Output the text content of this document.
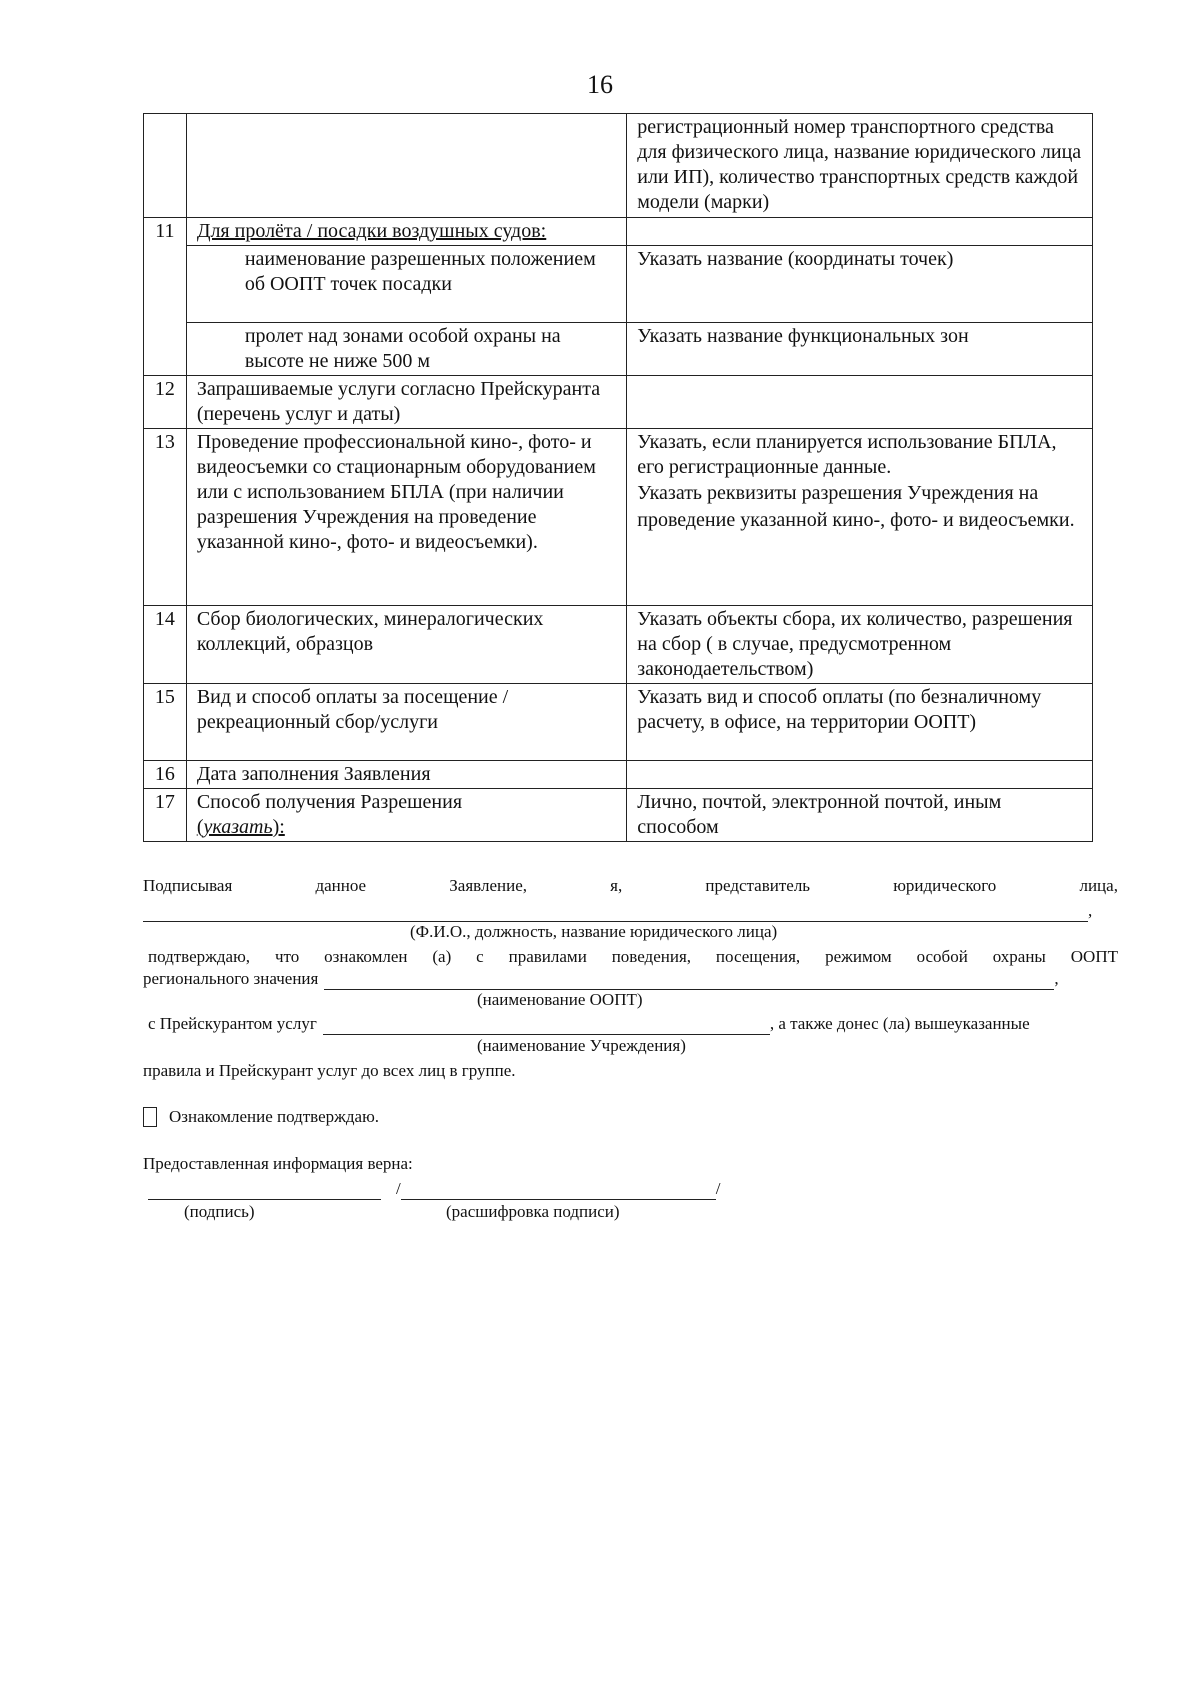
16
		регистрационный номер транспортного средства для физического лица, название юридического лица или ИП), количество транспортных средств каждой модели (марки)
11	Для пролёта / посадки воздушных судов:	
	наименование разрешенных положением об ООПТ точек посадки	Указать название (координаты точек)
	пролет над зонами особой охраны на высоте не ниже 500 м	Указать название функциональных зон
12	Запрашиваемые услуги согласно Прейскуранта (перечень услуг и даты)	
13	Проведение профессиональной кино-, фото- и видеосъемки со стационарным оборудованием или с использованием БПЛА (при наличии разрешения Учреждения на проведение указанной кино-, фото- и видеосъемки).	Указать, если планируется использование БПЛА, его регистрационные данные.
Указать реквизиты разрешения Учреждения на проведение указанной кино-, фото- и видеосъемки.

14	Сбор биологических, минералогических коллекций, образцов	Указать объекты сбора, их количество, разрешения на сбор ( в случае, предусмотренном законодаетельством)
15	Вид и способ оплаты за посещение /рекреационный сбор/услуги	Указать вид и способ оплаты (по безналичному расчету, в офисе, на территории ООПТ)
16	Дата заполнения Заявления	
17	Способ получения Разрешения
(указать):	Лично, почтой, электронной почтой, иным способом
Подписывая	данное	Заявление,	я,	представитель	юридического	лица,
,
(Ф.И.О., должность, название юридического лица)
подтверждаю, что ознакомлен (а) с правилами поведения, посещения, режимом особой охраны ООПТ
регионального значения	,
(наименование ООПТ)
с Прейскурантом услуг	, а также донес (ла) вышеуказанные
(наименование Учреждения)
правила и Прейскурант услуг до всех лиц в группе.
Ознакомление подтверждаю.
Предоставленная информация верна:
/	/
(подпись)	(расшифровка подписи)
